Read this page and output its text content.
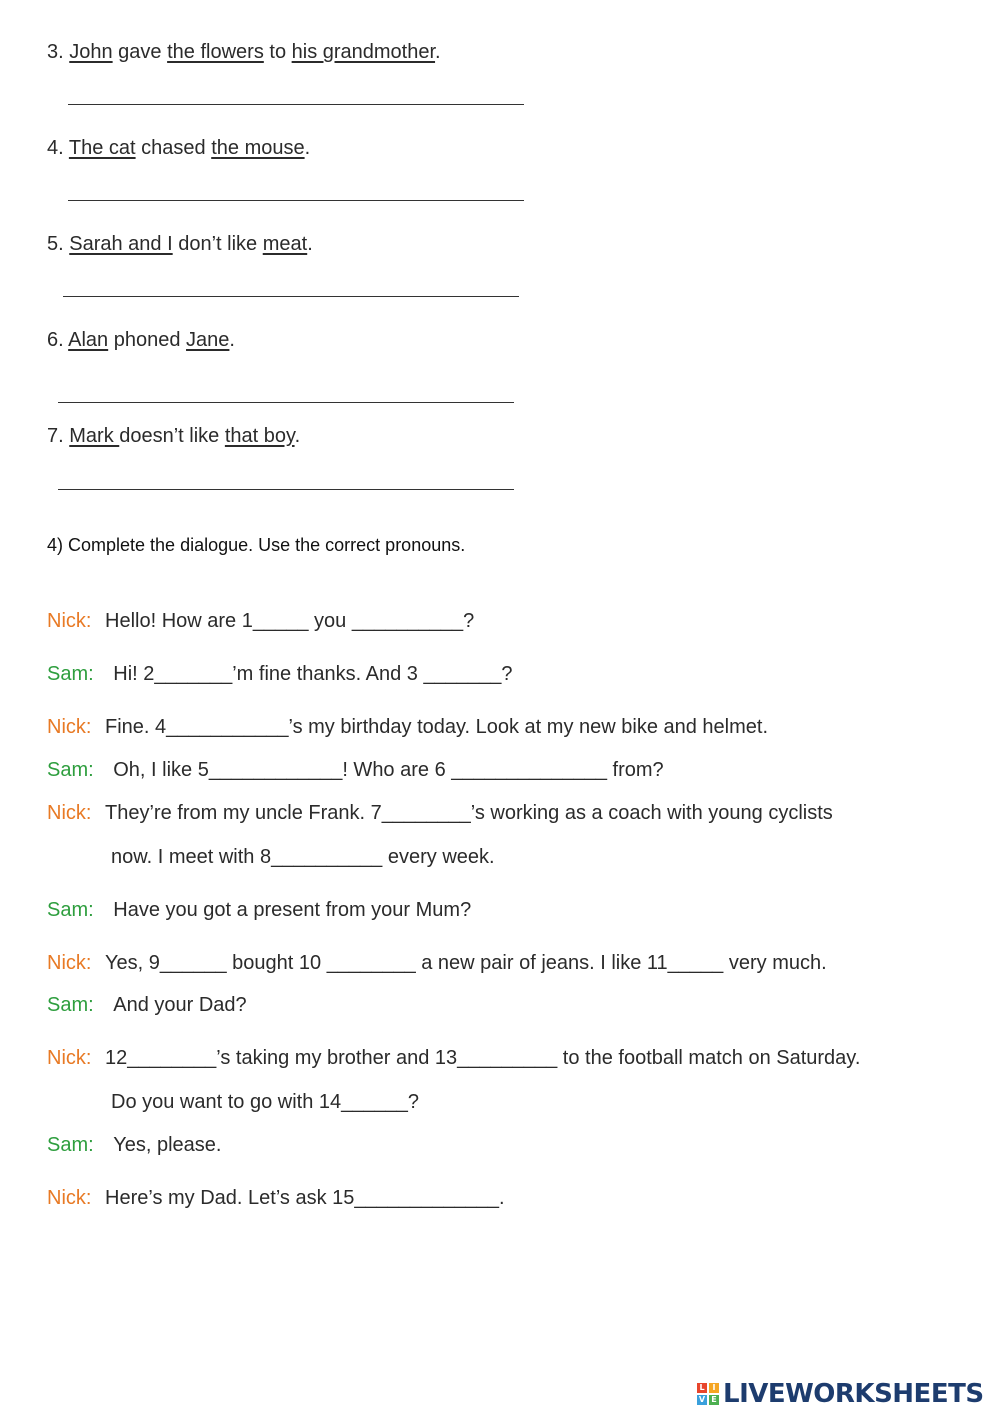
3. John gave the flowers to his grandmother.
4. The cat chased the mouse.
5. Sarah and I don’t like meat.
6. Alan phoned Jane.
7. Mark doesn’t like that boy.
4) Complete the dialogue. Use the correct pronouns.
Nick: Hello! How are 1_____ you __________?
Sam: Hi! 2_______’m fine thanks. And 3 _______?
Nick: Fine. 4___________’s my birthday today. Look at my new bike and helmet.
Sam: Oh, I like 5____________! Who are 6 ______________ from?
Nick: They’re from my uncle Frank. 7________’s working as a coach with young cyclists
now. I meet with 8__________ every week.
Sam: Have you got a present from your Mum?
Nick: Yes, 9______ bought 10 ________ a new pair of jeans. I like 11_____ very much.
Sam: And your Dad?
Nick: 12________’s taking my brother and 13_________ to the football match on Saturday.
Do you want to go with 14______?
Sam: Yes, please.
Nick: Here’s my Dad. Let’s ask 15_____________.
L I
V E LIVEWORKSHEETS
